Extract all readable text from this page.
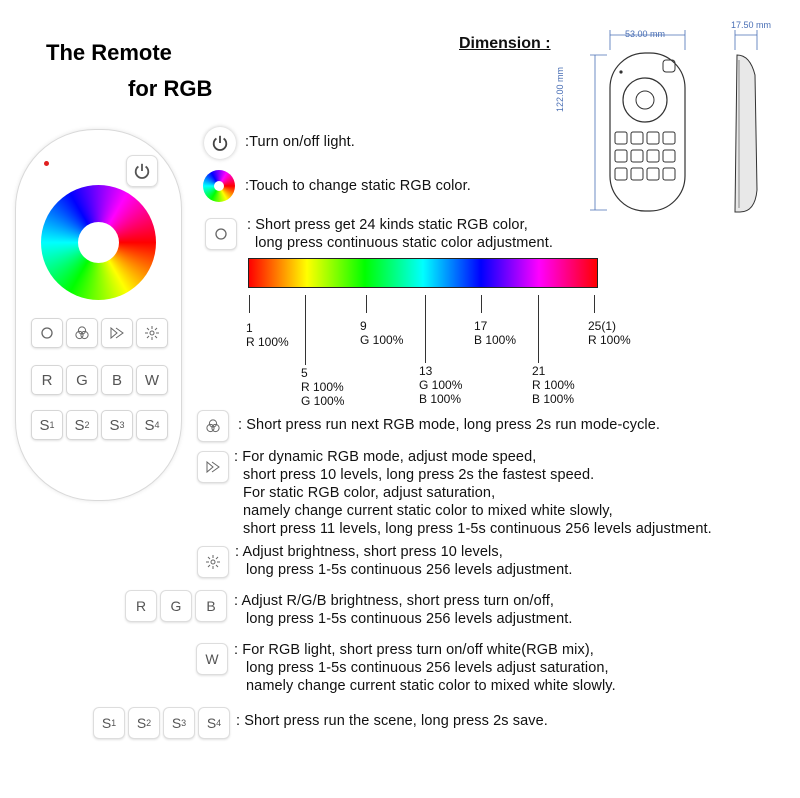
The Remote
for RGB
R	G	B	W
S 1 S 2 S 3 S 4
Dimension :
53.00 mm
17.50 mm
122.00 mm
:Turn on/off light.
:Touch to change static RGB color.
: Short press get 24 kinds static RGB color,
long press continuous static color adjustment.
1
R 100%
9
G 100%
17
B 100%
25(1)
R 100%
5
R 100%
G 100%
13
G 100%
B 100%
21
R 100%
B 100%
: Short press run next RGB mode, long press 2s run mode-cycle.
: For dynamic RGB mode, adjust mode speed,
short press 10 levels, long press 2s the fastest speed.
For static RGB color, adjust saturation,
namely change current static color to mixed white slowly,
short press 11 levels, long press 1-5s continuous 256 levels adjustment.
: Adjust brightness, short press 10 levels,
long press 1-5s continuous 256 levels adjustment.
R	G	B	: Adjust R/G/B brightness, short press turn on/off,
long press 1-5s continuous 256 levels adjustment.
W
: For RGB light, short press turn on/off white(RGB mix),
long press 1-5s continuous 256 levels adjust saturation,
namely change current static color to mixed white slowly.
S 1 S 2 S 3 S 4 : Short press run the scene, long press 2s save.
